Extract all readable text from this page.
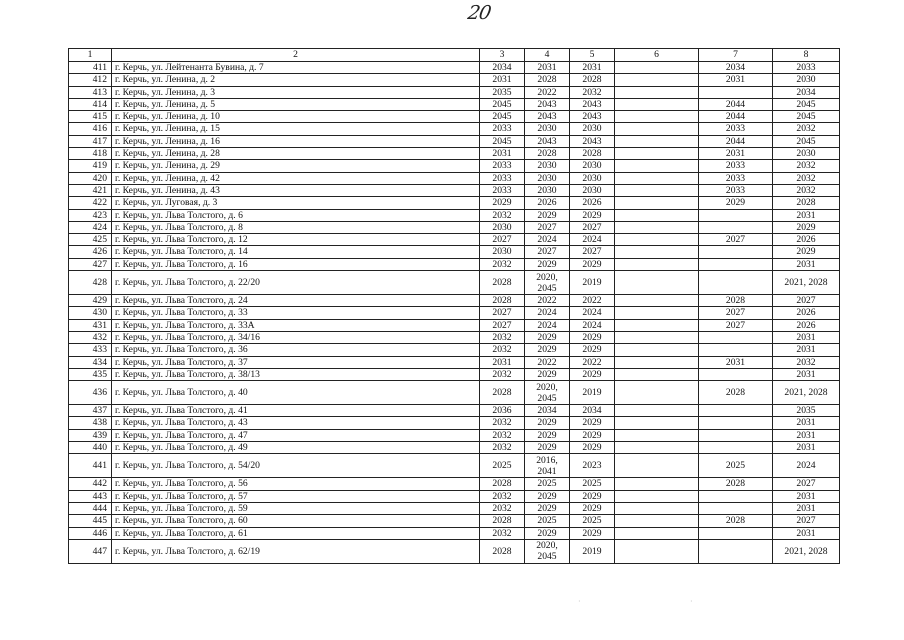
20
1	2	3	4	5	6	7	8
411	г. Керчь, ул. Лейтенанта Бувина, д. 7	2034	2031	2031		2034	2033
412	г. Керчь, ул. Ленина, д. 2	2031	2028	2028		2031	2030
413	г. Керчь, ул. Ленина, д. 3	2035	2022	2032			2034
414	г. Керчь, ул. Ленина, д. 5	2045	2043	2043		2044	2045
415	г. Керчь, ул. Ленина, д. 10	2045	2043	2043		2044	2045
416	г. Керчь, ул. Ленина, д. 15	2033	2030	2030		2033	2032
417	г. Керчь, ул. Ленина, д. 16	2045	2043	2043		2044	2045
418	г. Керчь, ул. Ленина, д. 28	2031	2028	2028		2031	2030
419	г. Керчь, ул. Ленина, д. 29	2033	2030	2030		2033	2032
420	г. Керчь, ул. Ленина, д. 42	2033	2030	2030		2033	2032
421	г. Керчь, ул. Ленина, д. 43	2033	2030	2030		2033	2032
422	г. Керчь, ул. Луговая, д. 3	2029	2026	2026		2029	2028
423	г. Керчь, ул. Льва Толстого, д. 6	2032	2029	2029			2031
424	г. Керчь, ул. Льва Толстого, д. 8	2030	2027	2027			2029
425	г. Керчь, ул. Льва Толстого, д. 12	2027	2024	2024		2027	2026
426	г. Керчь, ул. Льва Толстого, д. 14	2030	2027	2027			2029
427	г. Керчь, ул. Льва Толстого, д. 16	2032	2029	2029			2031
428	г. Керчь, ул. Льва Толстого, д. 22/20	2028	2020, 2045	2019			2021, 2028
429	г. Керчь, ул. Льва Толстого, д. 24	2028	2022	2022		2028	2027
430	г. Керчь, ул. Льва Толстого, д. 33	2027	2024	2024		2027	2026
431	г. Керчь, ул. Льва Толстого, д. 33А	2027	2024	2024		2027	2026
432	г. Керчь, ул. Льва Толстого, д. 34/16	2032	2029	2029			2031
433	г. Керчь, ул. Льва Толстого, д. 36	2032	2029	2029			2031
434	г. Керчь, ул. Льва Толстого, д. 37	2031	2022	2022		2031	2032
435	г. Керчь, ул. Льва Толстого, д. 38/13	2032	2029	2029			2031
436	г. Керчь, ул. Льва Толстого, д. 40	2028	2020, 2045	2019		2028	2021, 2028
437	г. Керчь, ул. Льва Толстого, д. 41	2036	2034	2034			2035
438	г. Керчь, ул. Льва Толстого, д. 43	2032	2029	2029			2031
439	г. Керчь, ул. Льва Толстого, д. 47	2032	2029	2029			2031
440	г. Керчь, ул. Льва Толстого, д. 49	2032	2029	2029			2031
441	г. Керчь, ул. Льва Толстого, д. 54/20	2025	2016, 2041	2023		2025	2024
442	г. Керчь, ул. Льва Толстого, д. 56	2028	2025	2025		2028	2027
443	г. Керчь, ул. Льва Толстого, д. 57	2032	2029	2029			2031
444	г. Керчь, ул. Льва Толстого, д. 59	2032	2029	2029			2031
445	г. Керчь, ул. Льва Толстого, д. 60	2028	2025	2025		2028	2027
446	г. Керчь, ул. Льва Толстого, д. 61	2032	2029	2029			2031
447	г. Керчь, ул. Льва Толстого, д. 62/19	2028	2020, 2045	2019			2021, 2028
·	·
